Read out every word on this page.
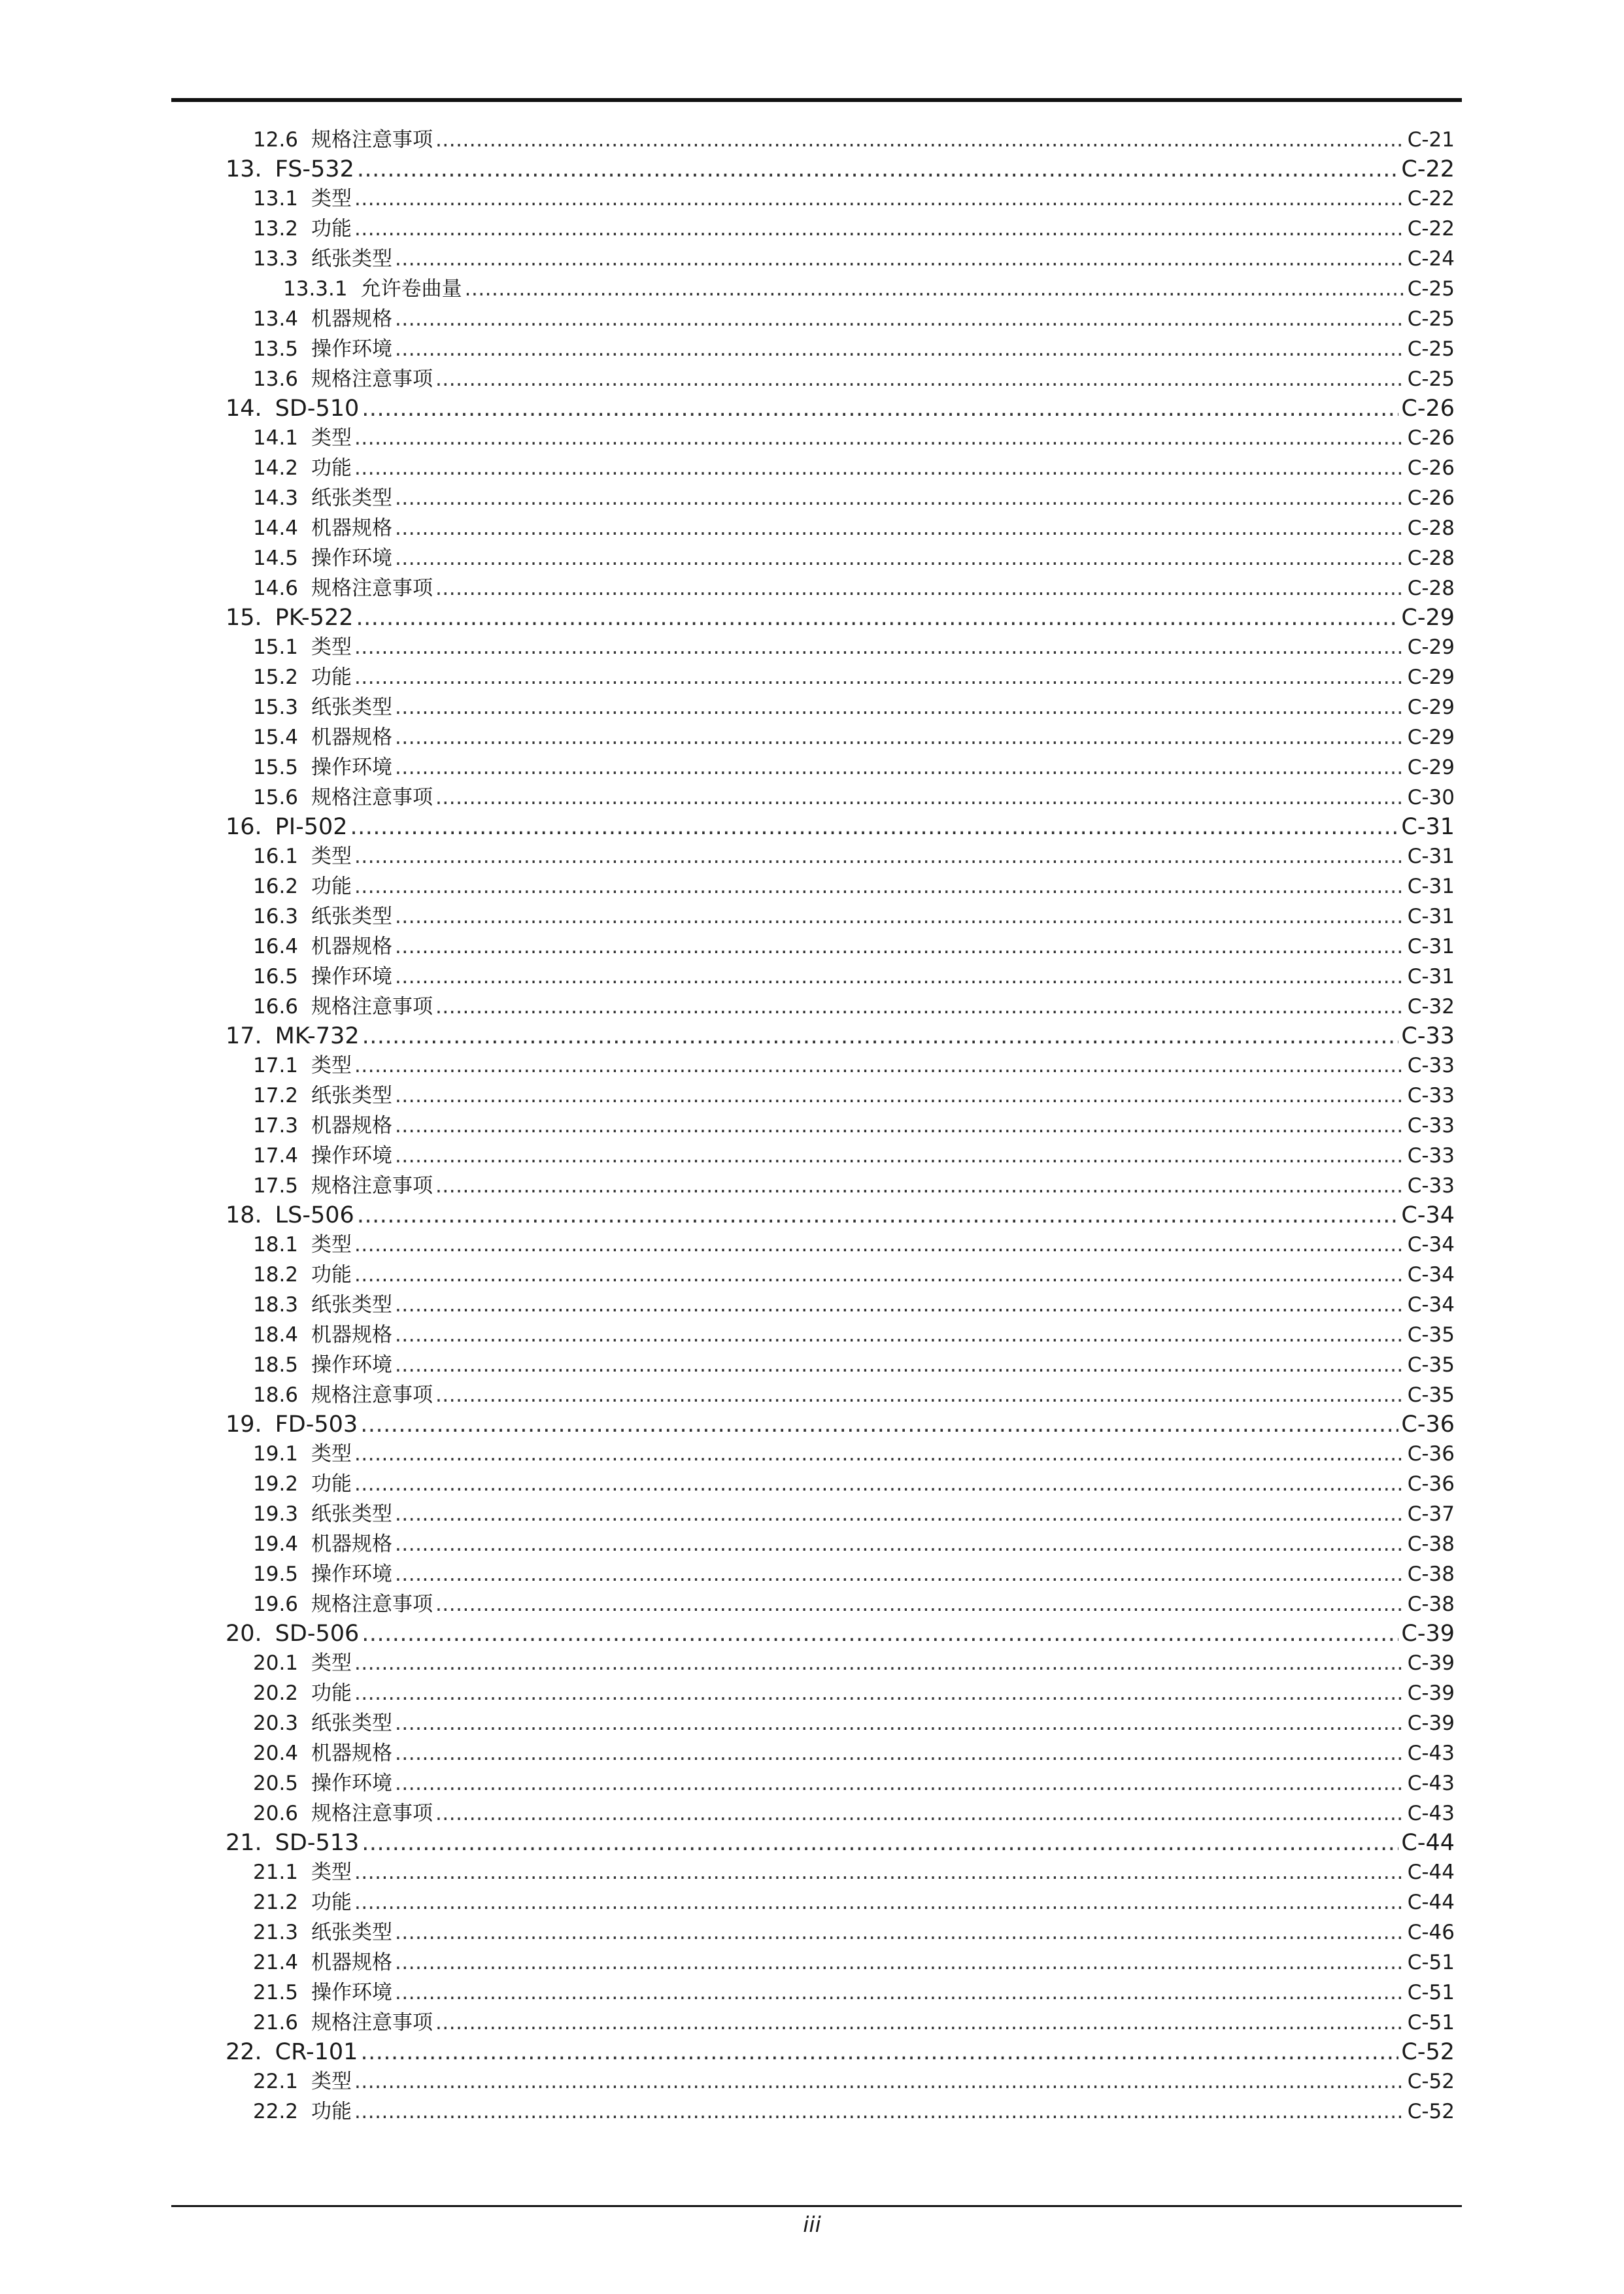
12.6 规格注意事项 .....	C-21
13. FS-532 .....	C-22
13.1 类型 .....	C-22
13.2 功能 .....	C-22
13.3 纸张类型 .....	C-24
13.3.1 允许卷曲量 .....	C-25
13.4 机器规格 .....	C-25
13.5 操作环境 .....	C-25
13.6 规格注意事项 .....	C-25
14. SD-510 .....	C-26
14.1 类型 .....	C-26
14.2 功能 .....	C-26
14.3 纸张类型 .....	C-26
14.4 机器规格 .....	C-28
14.5 操作环境 .....	C-28
14.6 规格注意事项 .....	C-28
15. PK-522 .....	C-29
15.1 类型 .....	C-29
15.2 功能 .....	C-29
15.3 纸张类型 .....	C-29
15.4 机器规格 .....	C-29
15.5 操作环境 .....	C-29
15.6 规格注意事项 .....	C-30
16. PI-502 .....	C-31
16.1 类型 .....	C-31
16.2 功能 .....	C-31
16.3 纸张类型 .....	C-31
16.4 机器规格 .....	C-31
16.5 操作环境 .....	C-31
16.6 规格注意事项 .....	C-32
17. MK-732 .....	C-33
17.1 类型 .....	C-33
17.2 纸张类型 .....	C-33
17.3 机器规格 .....	C-33
17.4 操作环境 .....	C-33
17.5 规格注意事项 .....	C-33
18. LS-506 .....	C-34
18.1 类型 .....	C-34
18.2 功能 .....	C-34
18.3 纸张类型 .....	C-34
18.4 机器规格 .....	C-35
18.5 操作环境 .....	C-35
18.6 规格注意事项 .....	C-35
19. FD-503 .....	C-36
19.1 类型 .....	C-36
19.2 功能 .....	C-36
19.3 纸张类型 .....	C-37
19.4 机器规格 .....	C-38
19.5 操作环境 .....	C-38
19.6 规格注意事项 .....	C-38
20. SD-506 .....	C-39
20.1 类型 .....	C-39
20.2 功能 .....	C-39
20.3 纸张类型 .....	C-39
20.4 机器规格 .....	C-43
20.5 操作环境 .....	C-43
20.6 规格注意事项 .....	C-43
21. SD-513 .....	C-44
21.1 类型 .....	C-44
21.2 功能 .....	C-44
21.3 纸张类型 .....	C-46
21.4 机器规格 .....	C-51
21.5 操作环境 .....	C-51
21.6 规格注意事项 .....	C-51
22. CR-101 .....	C-52
22.1 类型 .....	C-52
22.2 功能 .....	C-52
iii
